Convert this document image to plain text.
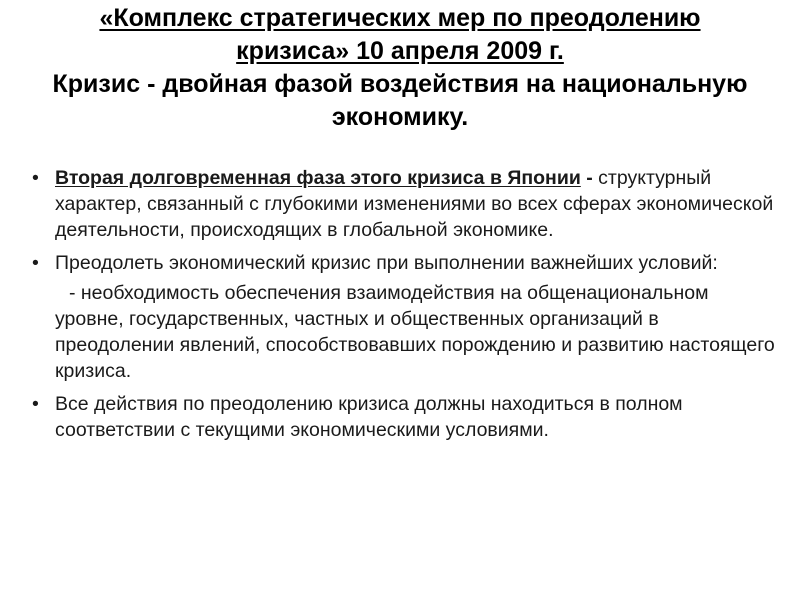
«Комплекс стратегических мер по преодолению
кризиса» 10 апреля 2009 г.
Кризис - двойная фазой воздействия на национальную
экономику.
• Вторая долговременная фаза этого кризиса в Японии - структурный характер, связанный с глубокими изменениями во всех сферах экономической деятельности, происходящих в глобальной экономике.
• Преодолеть экономический кризис при выполнении важнейших условий:
- необходимость обеспечения взаимодействия на общенациональном уровне, государственных, частных и общественных организаций в преодолении явлений, способствовавших порождению и развитию настоящего кризиса.
• Все действия по преодолению кризиса должны находиться в полном соответствии с текущими экономическими условиями.
